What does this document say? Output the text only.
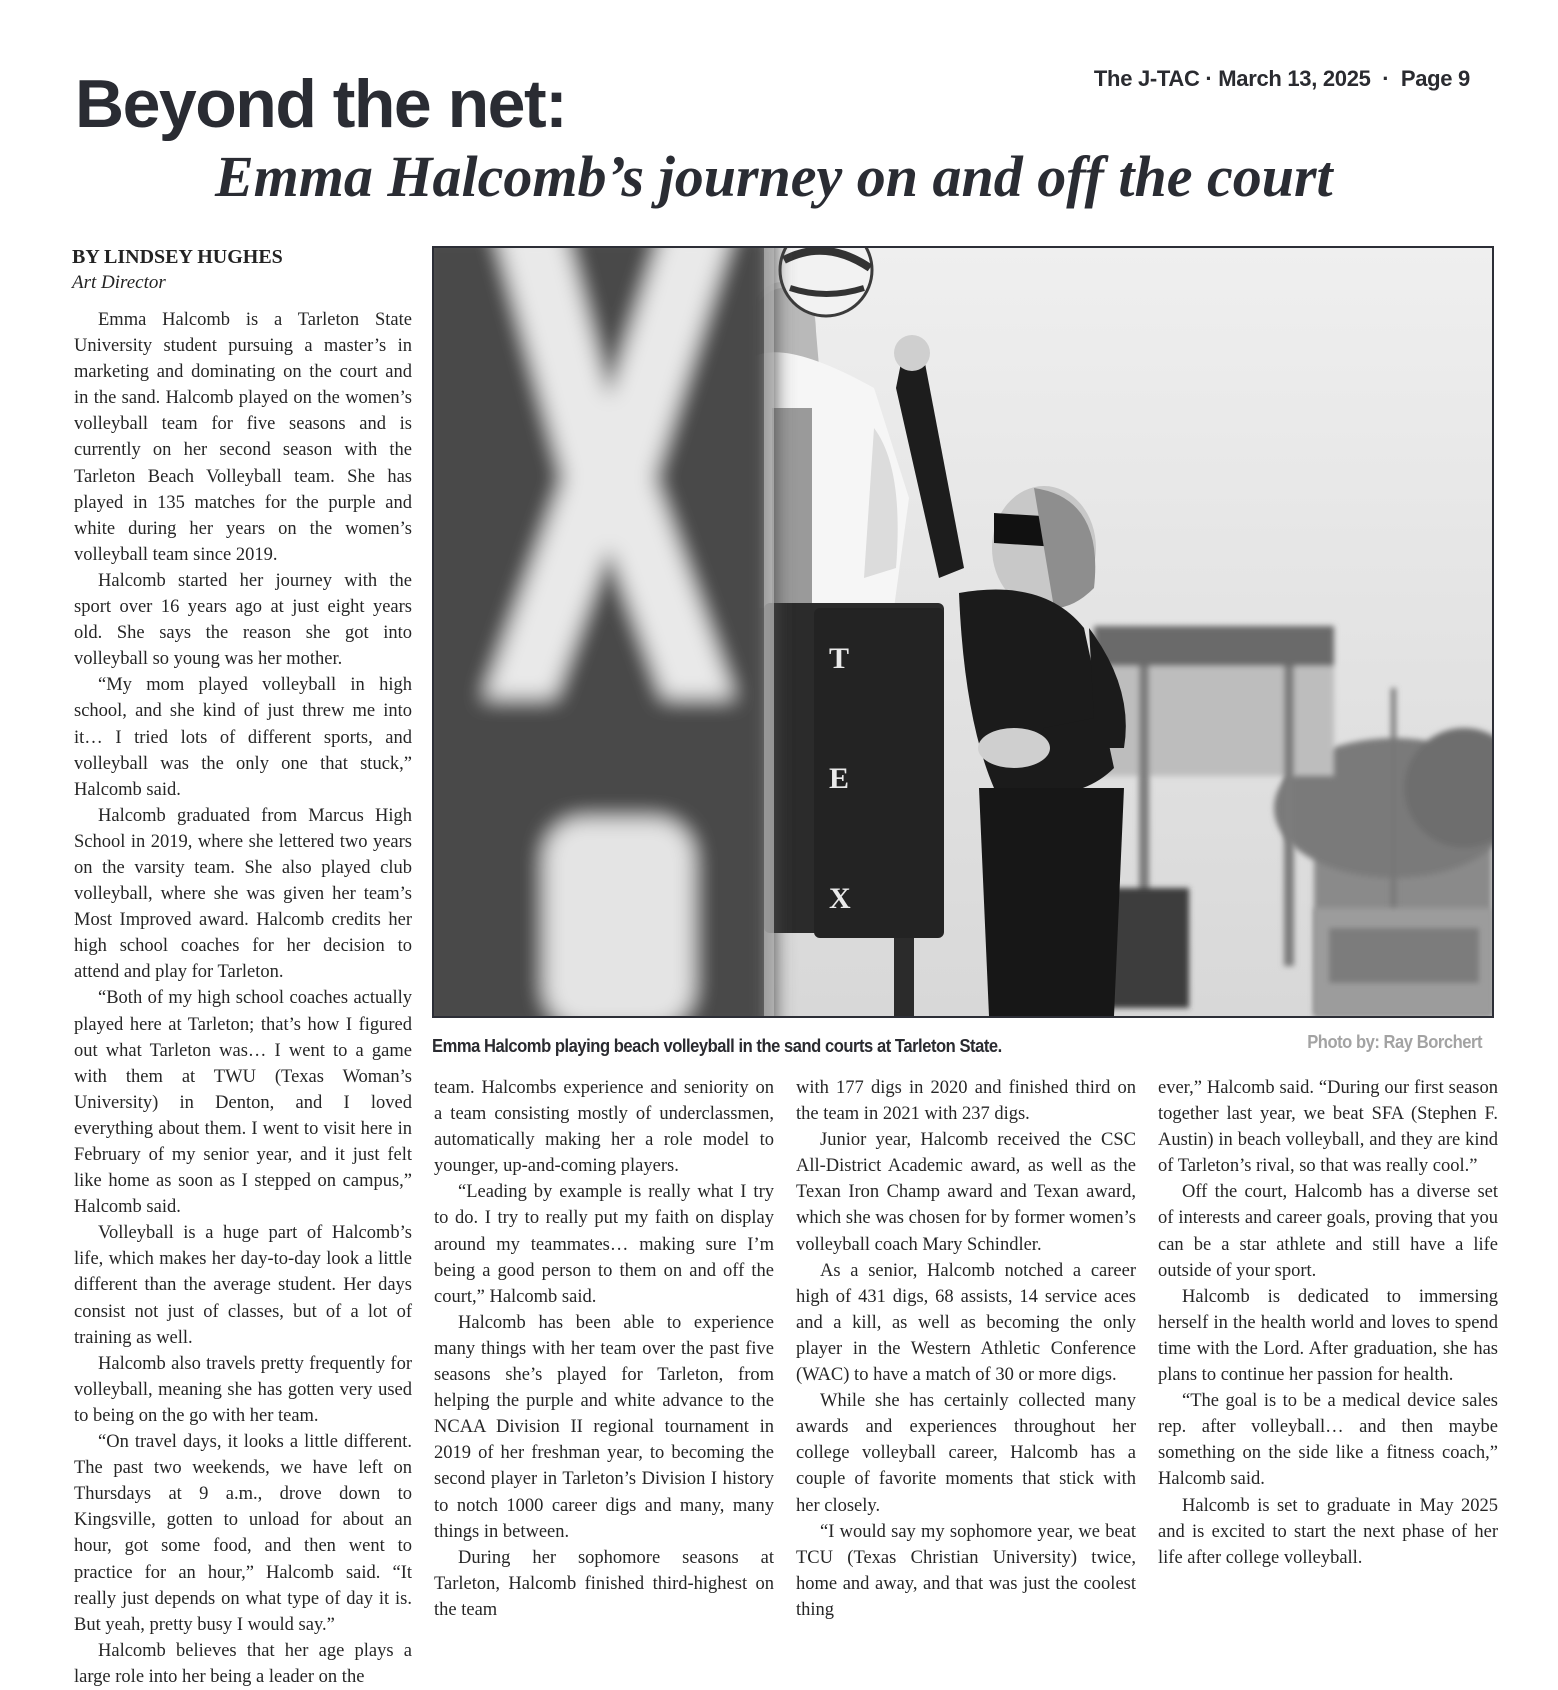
The J-TAC · March 13, 2025  ·  Page 9
Beyond the net:
Emma Halcomb’s journey on and off the court
BY LINDSEY HUGHES
Art Director

Emma Halcomb is a Tarleton State University student pursuing a master’s in marketing and dominating on the court and in the sand. Halcomb played on the women’s volleyball team for five seasons and is currently on her second season with the Tarleton Beach Volleyball team. She has played in 135 matches for the purple and white during her years on the women’s volleyball team since 2019.

Halcomb started her journey with the sport over 16 years ago at just eight years old. She says the reason she got into volleyball so young was her mother.

“My mom played volleyball in high school, and she kind of just threw me into it… I tried lots of different sports, and volleyball was the only one that stuck,” Halcomb said.

Halcomb graduated from Marcus High School in 2019, where she lettered two years on the varsity team. She also played club volleyball, where she was given her team’s Most Improved award. Halcomb credits her high school coaches for her decision to attend and play for Tarleton.

“Both of my high school coaches actually played here at Tarleton; that’s how I figured out what Tarleton was… I went to a game with them at TWU (Texas Woman’s University) in Denton, and I loved everything about them. I went to visit here in February of my senior year, and it just felt like home as soon as I stepped on campus,” Halcomb said.

Volleyball is a huge part of Halcomb’s life, which makes her day-to-day look a little different than the average student. Her days consist not just of classes, but of a lot of training as well.

Halcomb also travels pretty frequently for volleyball, meaning she has gotten very used to being on the go with her team.

“On travel days, it looks a little different. The past two weekends, we have left on Thursdays at 9 a.m., drove down to Kingsville, gotten to unload for about an hour, got some food, and then went to practice for an hour,” Halcomb said. “It really just depends on what type of day it is. But yeah, pretty busy I would say.”

Halcomb believes that her age plays a large role into her being a leader on the

T
E
X
Emma Halcomb playing beach volleyball in the sand courts at Tarleton State.	Photo by: Ray Borchert

team. Halcombs experience and seniority on a team consisting mostly of underclassmen, automatically making her a role model to younger, up-and-coming players.

“Leading by example is really what I try to do. I try to really put my faith on display around my teammates… making sure I’m being a good person to them on and off the court,” Halcomb said.

Halcomb has been able to experience many things with her team over the past five seasons she’s played for Tarleton, from helping the purple and white advance to the NCAA Division II regional tournament in 2019 of her freshman year, to becoming the second player in Tarleton’s Division I history to notch 1000 career digs and many, many things in between.

During her sophomore seasons at Tarleton, Halcomb finished third-highest on the team

with 177 digs in 2020 and finished third on the team in 2021 with 237 digs.

Junior year, Halcomb received the CSC All-District Academic award, as well as the Texan Iron Champ award and Texan award, which she was chosen for by former women’s volleyball coach Mary Schindler.

As a senior, Halcomb notched a career high of 431 digs, 68 assists, 14 service aces and a kill, as well as becoming the only player in the Western Athletic Conference (WAC) to have a match of 30 or more digs.

While she has certainly collected many awards and experiences throughout her college volleyball career, Halcomb has a couple of favorite moments that stick with her closely.

“I would say my sophomore year, we beat TCU (Texas Christian University) twice, home and away, and that was just the coolest thing

ever,” Halcomb said. “During our first season together last year, we beat SFA (Stephen F. Austin) in beach volleyball, and they are kind of Tarleton’s rival, so that was really cool.”

Off the court, Halcomb has a diverse set of interests and career goals, proving that you can be a star athlete and still have a life outside of your sport.

Halcomb is dedicated to immersing herself in the health world and loves to spend time with the Lord. After graduation, she has plans to continue her passion for health.

“The goal is to be a medical device sales rep. after volleyball… and then maybe something on the side like a fitness coach,” Halcomb said.

Halcomb is set to graduate in May 2025 and is excited to start the next phase of her life after college volleyball.
